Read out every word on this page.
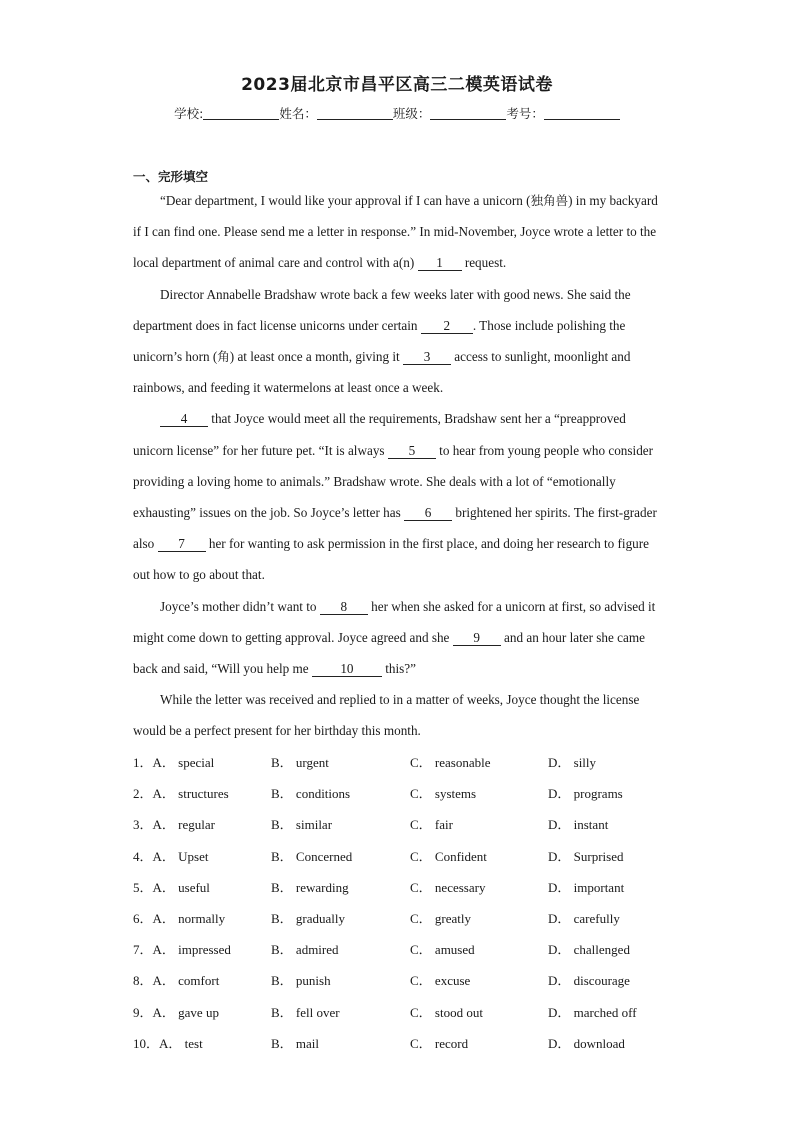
2023届北京市昌平区高三二模英语试卷
学校:	姓名：	班级：	考号：
一、完形填空

“Dear department, I would like your approval if I can have a unicorn (独角兽) in my backyard if I can find one. Please send me a letter in response.” In mid-November, Joyce wrote a letter to the local department of animal care and control with a(n) 1 request.

Director Annabelle Bradshaw wrote back a few weeks later with good news. She said the department does in fact license unicorns under certain 2 . Those include polishing the unicorn’s horn (角) at least once a month, giving it 3 access to sunlight, moonlight and rainbows, and feeding it watermelons at least once a week.

4 that Joyce would meet all the requirements, Bradshaw sent her a “preapproved unicorn license” for her future pet. “It is always 5 to hear from young people who consider providing a loving home to animals.” Bradshaw wrote. She deals with a lot of “emotionally exhausting” issues on the job. So Joyce’s letter has 6 brightened her spirits. The first-grader also 7 her for wanting to ask permission in the first place, and doing her research to figure out how to go about that.

Joyce’s mother didn’t want to 8 her when she asked for a unicorn at first, so advised it might come down to getting approval. Joyce agreed and she 9 and an hour later she came back and said, “Will you help me 10 this?”

While the letter was received and replied to in a matter of weeks, Joyce thought the license would be a perfect present for her birthday this month.

1．A． special	B． urgent	C． reasonable	D． silly
2．A． structures	B． conditions	C． systems	D． programs
3．A． regular	B． similar	C． fair	D． instant
4．A． Upset	B． Concerned	C． Confident	D． Surprised
5．A． useful	B． rewarding	C． necessary	D． important
6．A． normally	B． gradually	C． greatly	D． carefully
7．A． impressed	B． admired	C． amused	D． challenged
8．A． comfort	B． punish	C． excuse	D． discourage
9．A． gave up	B． fell over	C． stood out	D． marched off
10．A． test	B． mail	C． record	D． download
